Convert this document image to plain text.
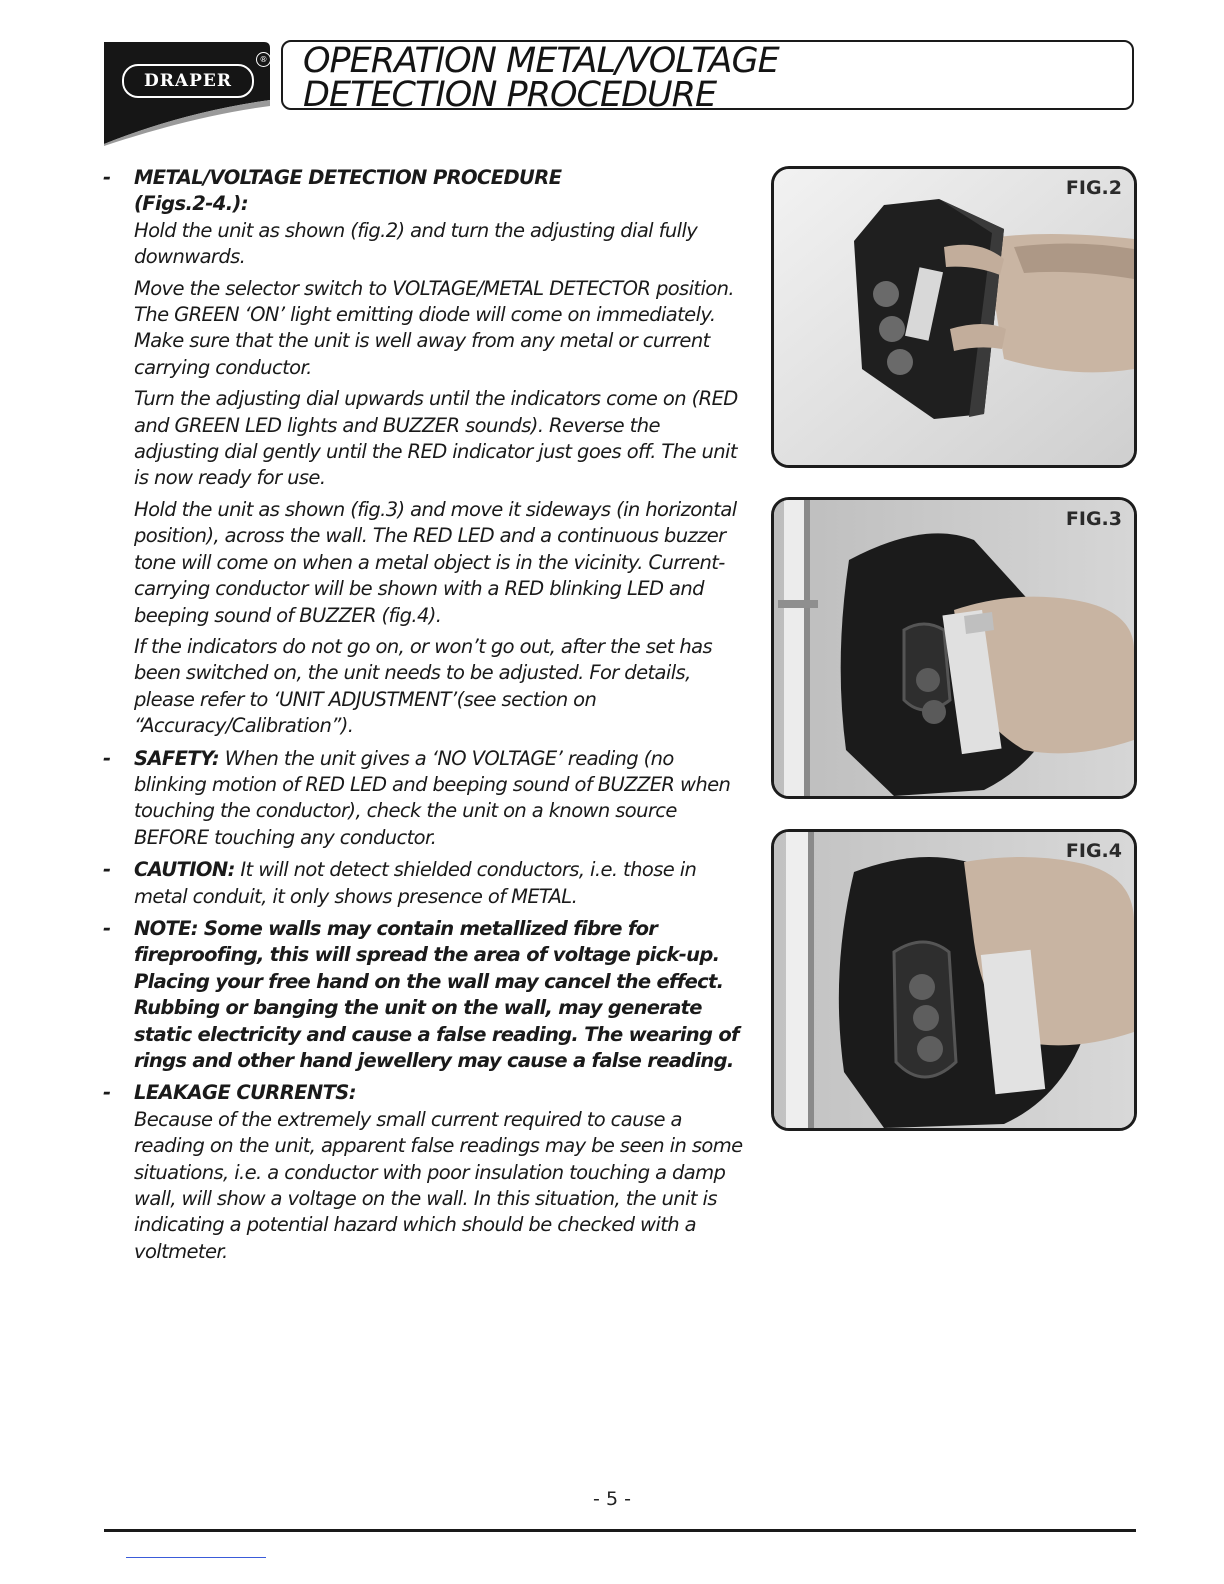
DRAPER
® OPERATION METAL/VOLTAGE

DETECTION PROCEDURE

- METAL/VOLTAGE DETECTION PROCEDURE
(Figs.2-4.):

Hold the unit as shown (fig.2) and turn the adjusting dial fully downwards.

Move the selector switch to VOLTAGE/METAL DETECTOR position. The GREEN ‘ON’ light emitting diode will come on immediately. Make sure that the unit is well away from any metal or current carrying conductor.

Turn the adjusting dial upwards until the indicators come on (RED and GREEN LED lights and BUZZER sounds). Reverse the adjusting dial gently until the RED indicator just goes off. The unit is now ready for use.

Hold the unit as shown (fig.3) and move it sideways (in horizontal position), across the wall. The RED LED and a continuous buzzer tone will come on when a metal object is in the vicinity. Current-carrying conductor will be shown with a RED blinking LED and beeping sound of BUZZER (fig.4).

If the indicators do not go on, or won’t go out, after the set has been switched on, the unit needs to be adjusted. For details, please refer to ‘UNIT ADJUSTMENT’(see section on “Accuracy/Calibration”).

- SAFETY: When the unit gives a ‘NO VOLTAGE’ reading (no blinking motion of RED LED and beeping sound of BUZZER when touching the conductor), check the unit on a known source BEFORE touching any conductor.

- CAUTION: It will not detect shielded conductors, i.e. those in metal conduit, it only shows presence of METAL.

- NOTE: Some walls may contain metallized fibre for fireproofing, this will spread the area of voltage pick-up. Placing your free hand on the wall may cancel the effect. Rubbing or banging the unit on the wall, may generate static electricity and cause a false reading. The wearing of rings and other hand jewellery may cause a false reading.

- LEAKAGE CURRENTS:

Because of the extremely small current required to cause a reading on the unit, apparent false readings may be seen in some situations, i.e. a conductor with poor insulation touching a damp wall, will show a voltage on the wall. In this situation, the unit is indicating a potential hazard which should be checked with a voltmeter.

FIG.2
FIG.3
FIG.4
- 5 -
